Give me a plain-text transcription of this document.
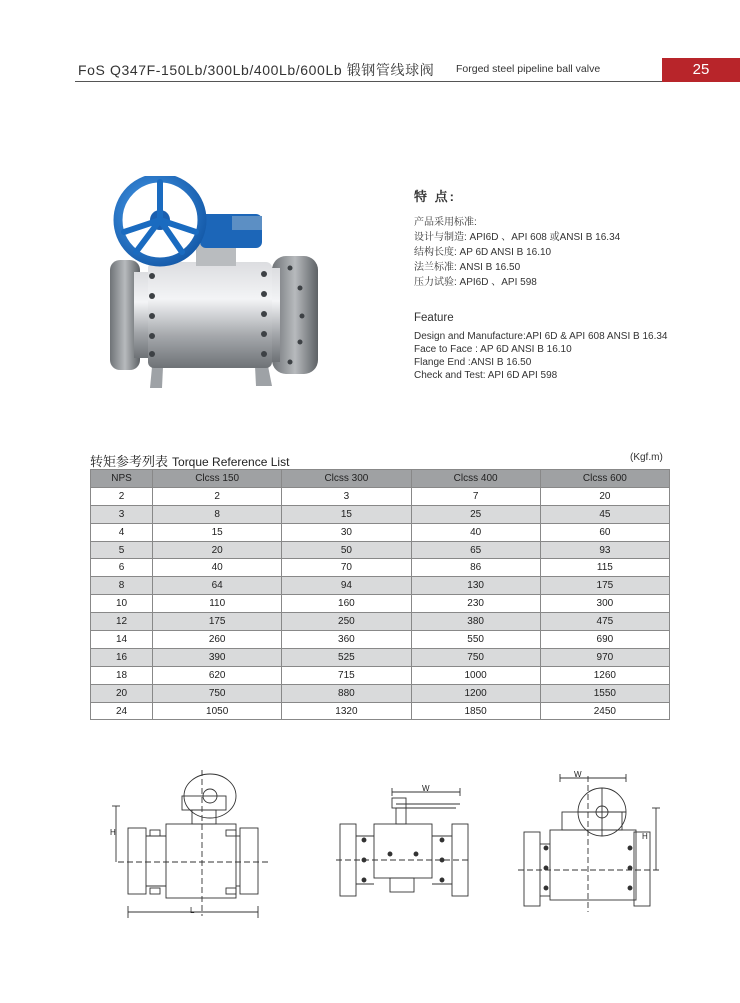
FoS Q347F-150Lb/300Lb/400Lb/600Lb 锻钢管线球阀 Forged steel pipeline ball valve	25
特 点:
产品采用标准:
设计与制造: API6D 、API 608 或ANSI B 16.34
结构长度: AP 6D ANSI B 16.10
法兰标准: ANSI B 16.50
压力试验: API6D 、API 598
Feature
Design and Manufacture:API 6D & API 608 ANSI B 16.34
Face to Face : AP 6D ANSI B 16.10
Flange End :ANSI B 16.50
Check and Test: API 6D API 598
转矩参考列表 Torque Reference List	(Kgf.m)
NPS	Clcss 150	Clcss 300	Clcss 400	Clcss 600
2	2	3	7	20
3	8	15	25	45
4	15	30	40	60
5	20	50	65	93
6	40	70	86	115
8	64	94	130	175
10	110	160	230	300
12	175	250	380	475
14	260	360	550	690
16	390	525	750	970
18	620	715	1000	1260
20	750	880	1200	1550
24	1050	1320	1850	2450
L
H
W
W
H
